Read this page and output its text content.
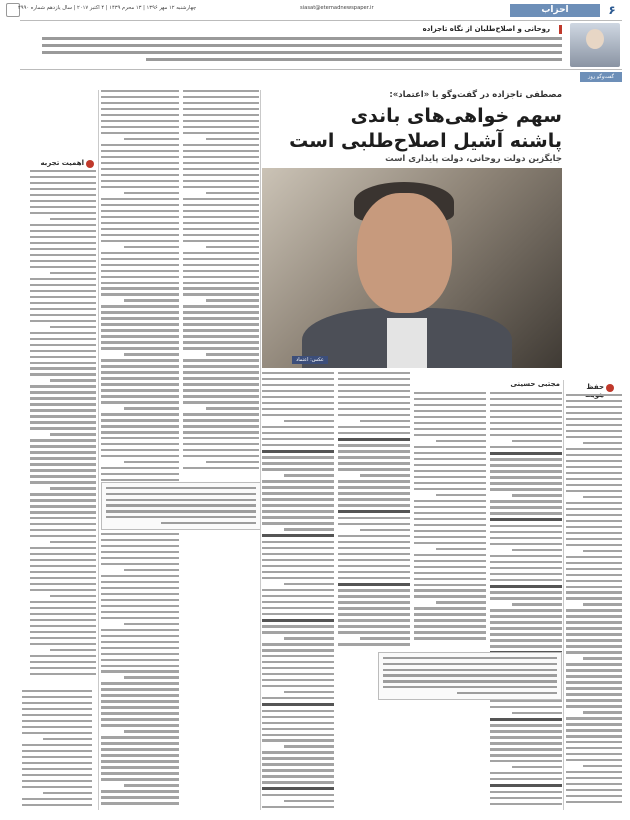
چهارشنبه ۱۲ مهر ۱۳۹۶ | ۱۳ محرم ۱۴۳۹ | ۴ اکتبر ۲۰۱۷ | سال یازدهم شماره ۲۹۹۰	siasat@etemadnewspaper.ir	احزاب	۶
روحانی و اصلاح‌طلبان از نگاه تاجزاده
گفت‌وگو روز
مصطفی تاجزاده در گفت‌وگو با «اعتماد»:
سهم خواهی‌های باندی
پاشنه آشیل اصلاح‌طلبی است
جایگزین دولت روحانی، دولت پایداری است
عکس: اعتماد
حفظ
اهمیت تجربه
مجتبی حسینی
